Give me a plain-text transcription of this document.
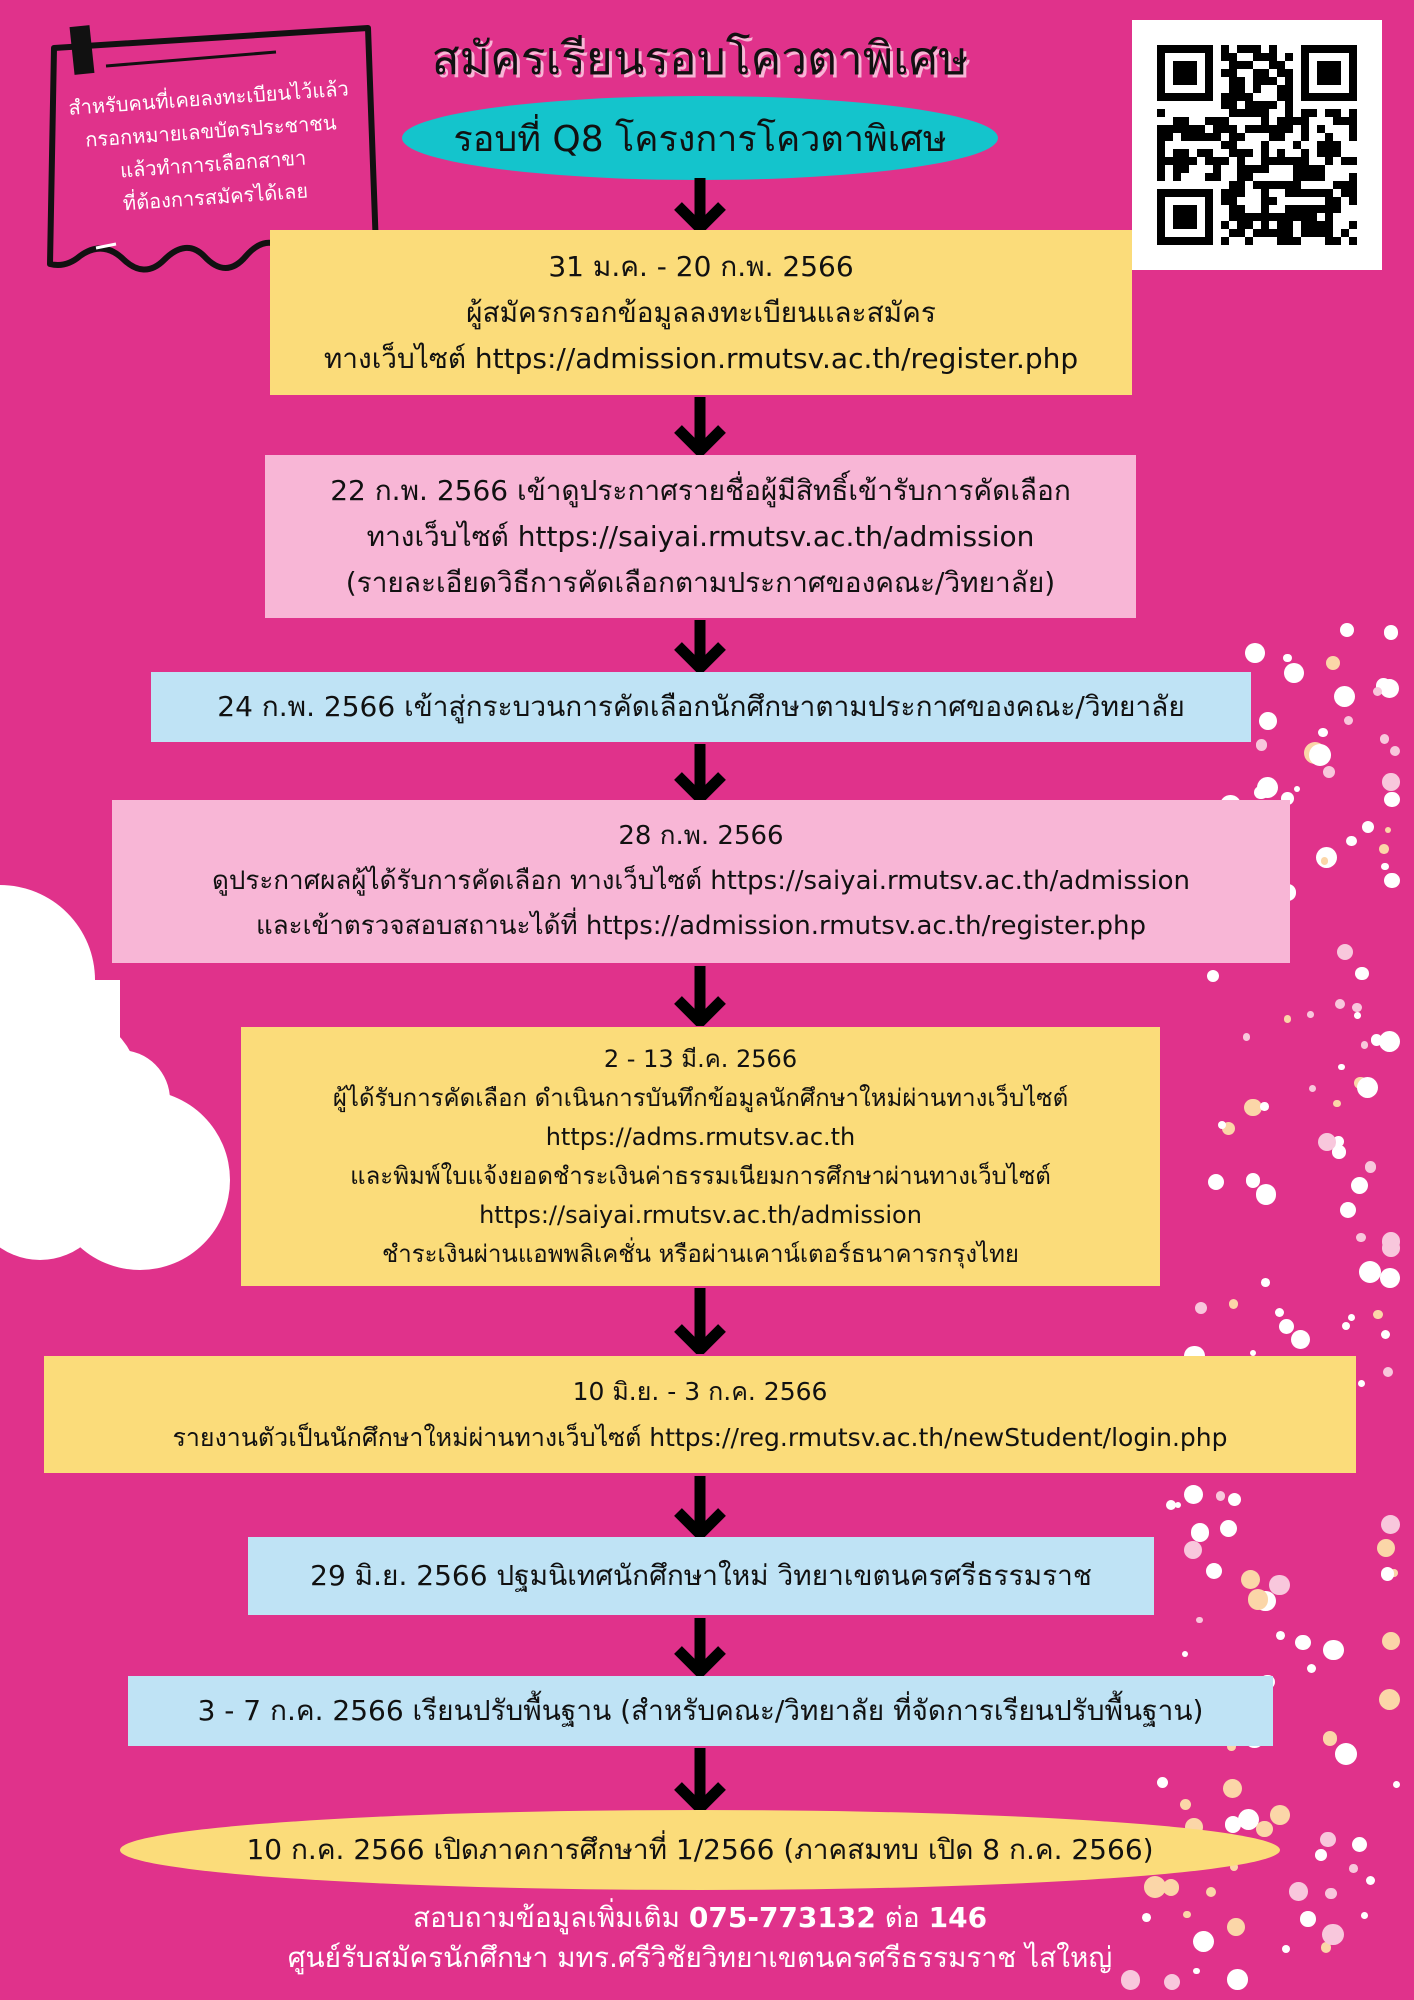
สมัครเรียนรอบโควตาพิเศษ
รอบที่ Q8 โครงการโควตาพิเศษ
สำหรับคนที่เคยลงทะเบียนไว้แล้ว
กรอกหมายเลขบัตรประชาชน
แล้วทำการเลือกสาขา
ที่ต้องการสมัครได้เลย
31 ม.ค. - 20 ก.พ. 2566
ผู้สมัครกรอกข้อมูลลงทะเบียนและสมัคร
ทางเว็บไซต์ https://admission.rmutsv.ac.th/register.php
22 ก.พ. 2566 เข้าดูประกาศรายชื่อผู้มีสิทธิ์เข้ารับการคัดเลือก
ทางเว็บไซต์ https://saiyai.rmutsv.ac.th/admission
(รายละเอียดวิธีการคัดเลือกตามประกาศของคณะ/วิทยาลัย)
24 ก.พ. 2566 เข้าสู่กระบวนการคัดเลือกนักศึกษาตามประกาศของคณะ/วิทยาลัย
28 ก.พ. 2566
ดูประกาศผลผู้ได้รับการคัดเลือก ทางเว็บไซต์ https://saiyai.rmutsv.ac.th/admission
และเข้าตรวจสอบสถานะได้ที่ https://admission.rmutsv.ac.th/register.php
2 - 13 มี.ค. 2566
ผู้ได้รับการคัดเลือก ดำเนินการบันทึกข้อมูลนักศึกษาใหม่ผ่านทางเว็บไซต์
https://adms.rmutsv.ac.th
และพิมพ์ใบแจ้งยอดชำระเงินค่าธรรมเนียมการศึกษาผ่านทางเว็บไซต์
https://saiyai.rmutsv.ac.th/admission
ชำระเงินผ่านแอพพลิเคชั่น หรือผ่านเคาน์เตอร์ธนาคารกรุงไทย
10 มิ.ย. - 3 ก.ค. 2566
รายงานตัวเป็นนักศึกษาใหม่ผ่านทางเว็บไซต์ https://reg.rmutsv.ac.th/newStudent/login.php
29 มิ.ย. 2566 ปฐมนิเทศนักศึกษาใหม่ วิทยาเขตนครศรีธรรมราช
3 - 7 ก.ค. 2566 เรียนปรับพื้นฐาน (สำหรับคณะ/วิทยาลัย ที่จัดการเรียนปรับพื้นฐาน)
10 ก.ค. 2566 เปิดภาคการศึกษาที่ 1/2566 (ภาคสมทบ เปิด 8 ก.ค. 2566)
สอบถามข้อมูลเพิ่มเติม 075-773132 ต่อ 146
ศูนย์รับสมัครนักศึกษา มทร.ศรีวิชัยวิทยาเขตนครศรีธรรมราช ไสใหญ่
